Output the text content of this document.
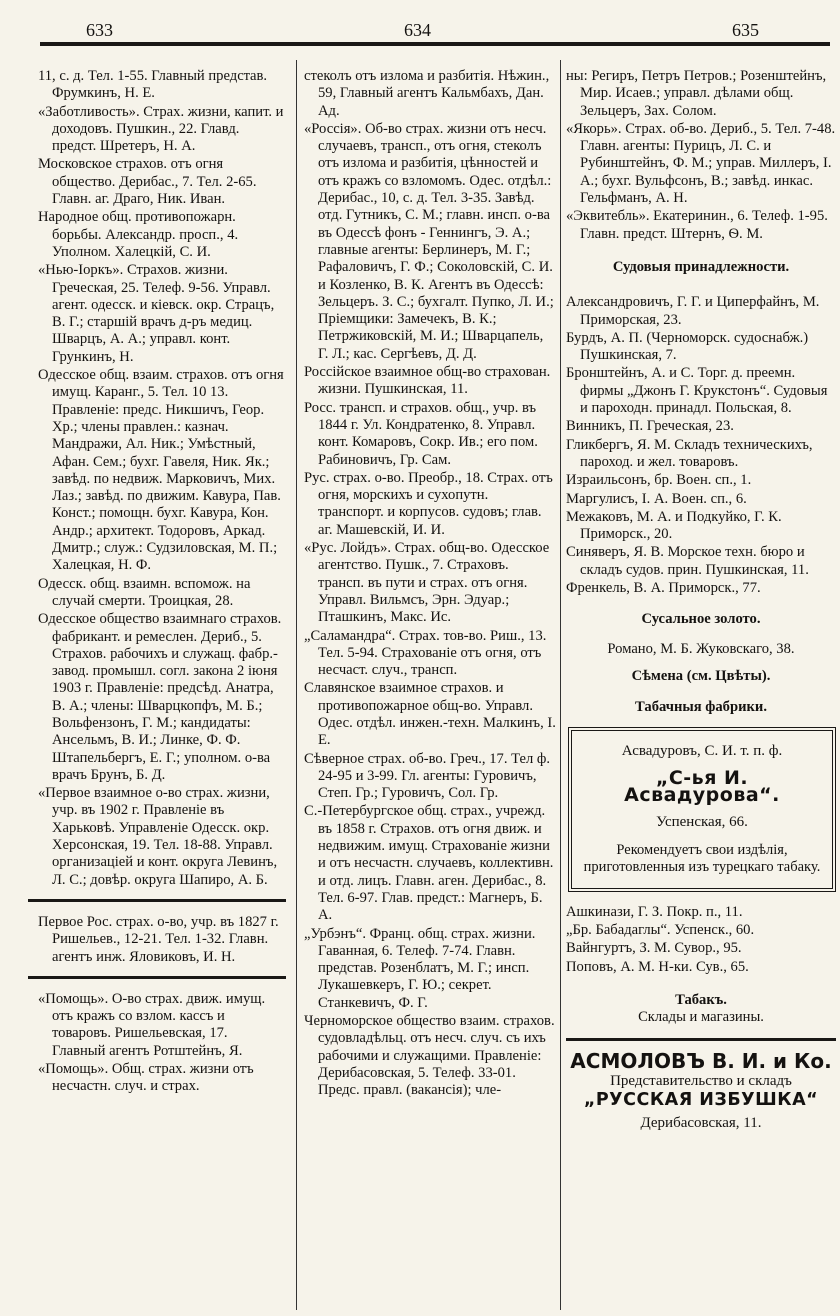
633	634	635
11, с. д. Тел. 1-55. Главный предстaв. Фрумкинъ, Н. Е.
«Заботливость». Страх. жизни, капит. и доходовъ. Пушкин., 22. Главд. предст. Шретеръ, Н. А.
Московское страхов. отъ огня общество. Дерибас., 7. Тел. 2-65. Главн. аг. Драго, Ник. Иван.
Народное общ. противопожарн. борьбы. Александр. просп., 4. Уполном. Халецкiй, С. И.
«Нью-Iоркъ». Страхов. жизни. Греческая, 25. Телеф. 9-56. Управл. агент. одесск. и кiевск. окр. Страцъ, В. Г.; старшiй врачъ д-ръ медиц. Шварцъ, А. А.; управл. конт. Грункинъ, Н.
Одесское общ. взаим. страхов. отъ огня имущ. Каранг., 5. Тел. 10 13. Правленiе: предс. Никшичъ, Геор. Хр.; члены правлен.: казнач. Мандражи, Ал. Ник.; Умѣстный, Афан. Сем.; бухг. Гавеля, Ник. Як.; завѣд. по недвиж. Марковичъ, Мих. Лаз.; завѣд. по движим. Кавура, Пав. Конст.; помощн. бухг. Кавура, Кон. Андр.; архитект. Тодоровъ, Аркад. Дмитр.; служ.: Судзиловская, М. П.; Халецкая, Н. Ф.
Одесск. общ. взаимн. вспомож. на случай смерти. Троицкая, 28.
Одесское общество взаимнаго страхов. фабрикант. и ремеслен. Дериб., 5. Страхов. рабочихъ и служащ. фабр.-завод. промышл. согл. закона 2 iюня 1903 г. Правленiе: предсѣд. Анатра, В. А.; члены: Шварцкопфъ, М. Б.; Вольфензонъ, Г. М.; кандидаты: Ансельмъ, В. И.; Линке, Ф. Ф. Штапельбергъ, Е. Г.; уполном. о-ва врачъ Брунъ, Б. Д.
«Первое взаимное о-во страх. жизни, учр. въ 1902 г. Правленiе въ Харьковѣ. Управленiе Одесск. окр. Херсонская, 19. Тел. 18-88. Управл. организацiей и конт. округа Левинъ, Л. С.; довѣр. округа Шапиро, А. Б.
Первое Рос. страх. о-во, учр. въ 1827 г. Ришельев., 12-21. Тел. 1-32. Главн. агентъ инж. Яловиковъ, И. Н.
«Помощь». О-во страх. движ. имущ. отъ кражъ со взлом. кассъ и товаровъ. Ришельевская, 17. Главный агентъ Ротштейнъ, Я.
«Помощь». Общ. страх. жизни отъ несчастн. случ. и страх.
стеколъ отъ излома и разбитiя. Нѣжин., 59, Главный агентъ Кальмбахъ, Дан. Ад.
«Россiя». Об-во страх. жизни отъ несч. случаевъ, трансп., отъ огня, стеколъ отъ излома и разбитiя, цѣнностей и отъ кражъ со взломомъ. Одес. отдѣл.: Дерибас., 10, с. д. Тел. 3-35. Завѣд. отд. Гутникъ, С. М.; главн. инсп. о-ва въ Одессѣ фонъ - Геннингъ, Э. А.; главные агенты: Берлинеръ, М. Г.; Рафаловичъ, Г. Ф.; Соколовскiй, С. И. и Козленко, В. К. Агентъ въ Одессѣ: Зельцеръ. З. С.; бухгалт. Пупко, Л. И.; Прiемщики: Замечекъ, В. К.; Петржиковскiй, М. И.; Шварцапель, Г. Л.; кас. Сергѣевъ, Д. Д.
Россiйское взаимное общ-во страхован. жизни. Пушкинская, 11.
Росс. трансп. и страхов. общ., учр. въ 1844 г. Ул. Кондратенко, 8. Управл. конт. Комаровъ, Сокр. Ив.; его пом. Рабиновичъ, Гр. Сам.
Рус. страх. о-во. Преобр., 18. Страх. отъ огня, морскихъ и сухопутн. транспорт. и корпусов. судовъ; глав. аг. Машевскiй, И. И.
«Рус. Лойдъ». Страх. общ-во. Одесское агентство. Пушк., 7. Страховъ. трансп. въ пути и страх. отъ огня. Управл. Вильмсъ, Эрн. Эдуар.; Пташкинъ, Макс. Ис.
„Саламандра“. Страх. тов-во. Риш., 13. Тел. 5-94. Страхованiе отъ огня, отъ несчаст. случ., трансп.
Славянское взаимное страхов. и противопожарное общ-во. Управл. Одес. отдѣл. инжен.-техн. Малкинъ, I. Е.
Сѣверное страх. об-во. Греч., 17. Тел ф. 24-95 и 3-99. Гл. агенты: Гуровичъ, Степ. Гр.; Гуровичъ, Сол. Гр.
С.-Петербургское общ. страх., учрежд. въ 1858 г. Страхов. отъ огня движ. и недвижим. имущ. Страхованiе жизни и отъ несчастн. случаевъ, коллективн. и отд. лицъ. Главн. аген. Дерибас., 8. Тел. 6-97. Глав. предст.: Магнеръ, Б. А.
„Урбэнъ“. Франц. общ. страх. жизни. Гаванная, 6. Телеф. 7-74. Главн. представ. Розенблатъ, М. Г.; инсп. Лукашевкеръ, Г. Ю.; секрет. Станкевичъ, Ф. Г.
Черноморское общество взаим. страхов. судовладѣльц. отъ несч. случ. съ ихъ рабочими и служащими. Правленiе: Дерибасовская, 5. Телеф. 33-01. Предс. правл. (вакансiя); чле-
ны: Региръ, Петръ Петров.; Розенштейнъ, Мир. Исаев.; управл. дѣлами общ. Зельцеръ, Зах. Солом.
«Якорь». Страх. об-во. Дериб., 5. Тел. 7-48. Главн. агенты: Пурицъ, Л. С. и Рубинштейнъ, Ф. М.; управ. Миллеръ, I. А.; бухг. Вульфсонъ, В.; завѣд. инкас. Гельфманъ, А. Н.
«Эквитебль». Екатеринин., 6. Телеф. 1-95. Главн. предст. Штернъ, Ѳ. М.
Судовыя принадлежности.
Александровичъ, Г. Г. и Циперфайнъ, М. Приморская, 23.
Бурдъ, А. П. (Черноморск. судоснабж.) Пушкинская, 7.
Бронштейнъ, А. и С. Торг. д. преемн. фирмы „Джонъ Г. Крукстонъ“. Судовыя и пароходн. принадл. Польская, 8.
Винникъ, П. Греческая, 23.
Гликбергъ, Я. М. Складъ техническихъ, пароход. и жел. товаровъ.
Израильсонъ, бр. Воен. сп., 1.
Маргулисъ, I. А. Воен. сп., 6.
Межаковъ, М. А. и Подкуйко, Г. К. Приморск., 20.
Синяверъ, Я. В. Морское техн. бюро и складъ судов. прин. Пушкинская, 11.
Френкель, В. А. Приморск., 77.
Сусальное золото.
Романо, М. Б. Жуковскаго, 38.
Сѣмена (см. Цвѣты).
Табачныя фабрики.
Асвадуровъ, С. И. т. п. ф.
„С-ья И. Асвадурова“.
Успенская, 66.
Рекомендуетъ свои издѣлiя, приготовленныя изъ турецкаго табаку.
Ашкинази, Г. З. Покр. п., 11.
„Бр. Бабадаглы“. Успенск., 60.
Вайнгуртъ, З. М. Сувор., 95.
Поповъ, А. М. Н-ки. Сув., 65.
Табакъ.
Склады и магазины.
АСМОЛОВЪ В. И. и Ко.
Представительство и складъ
„РУССКАЯ ИЗБУШКА“
Дерибасовская, 11.
